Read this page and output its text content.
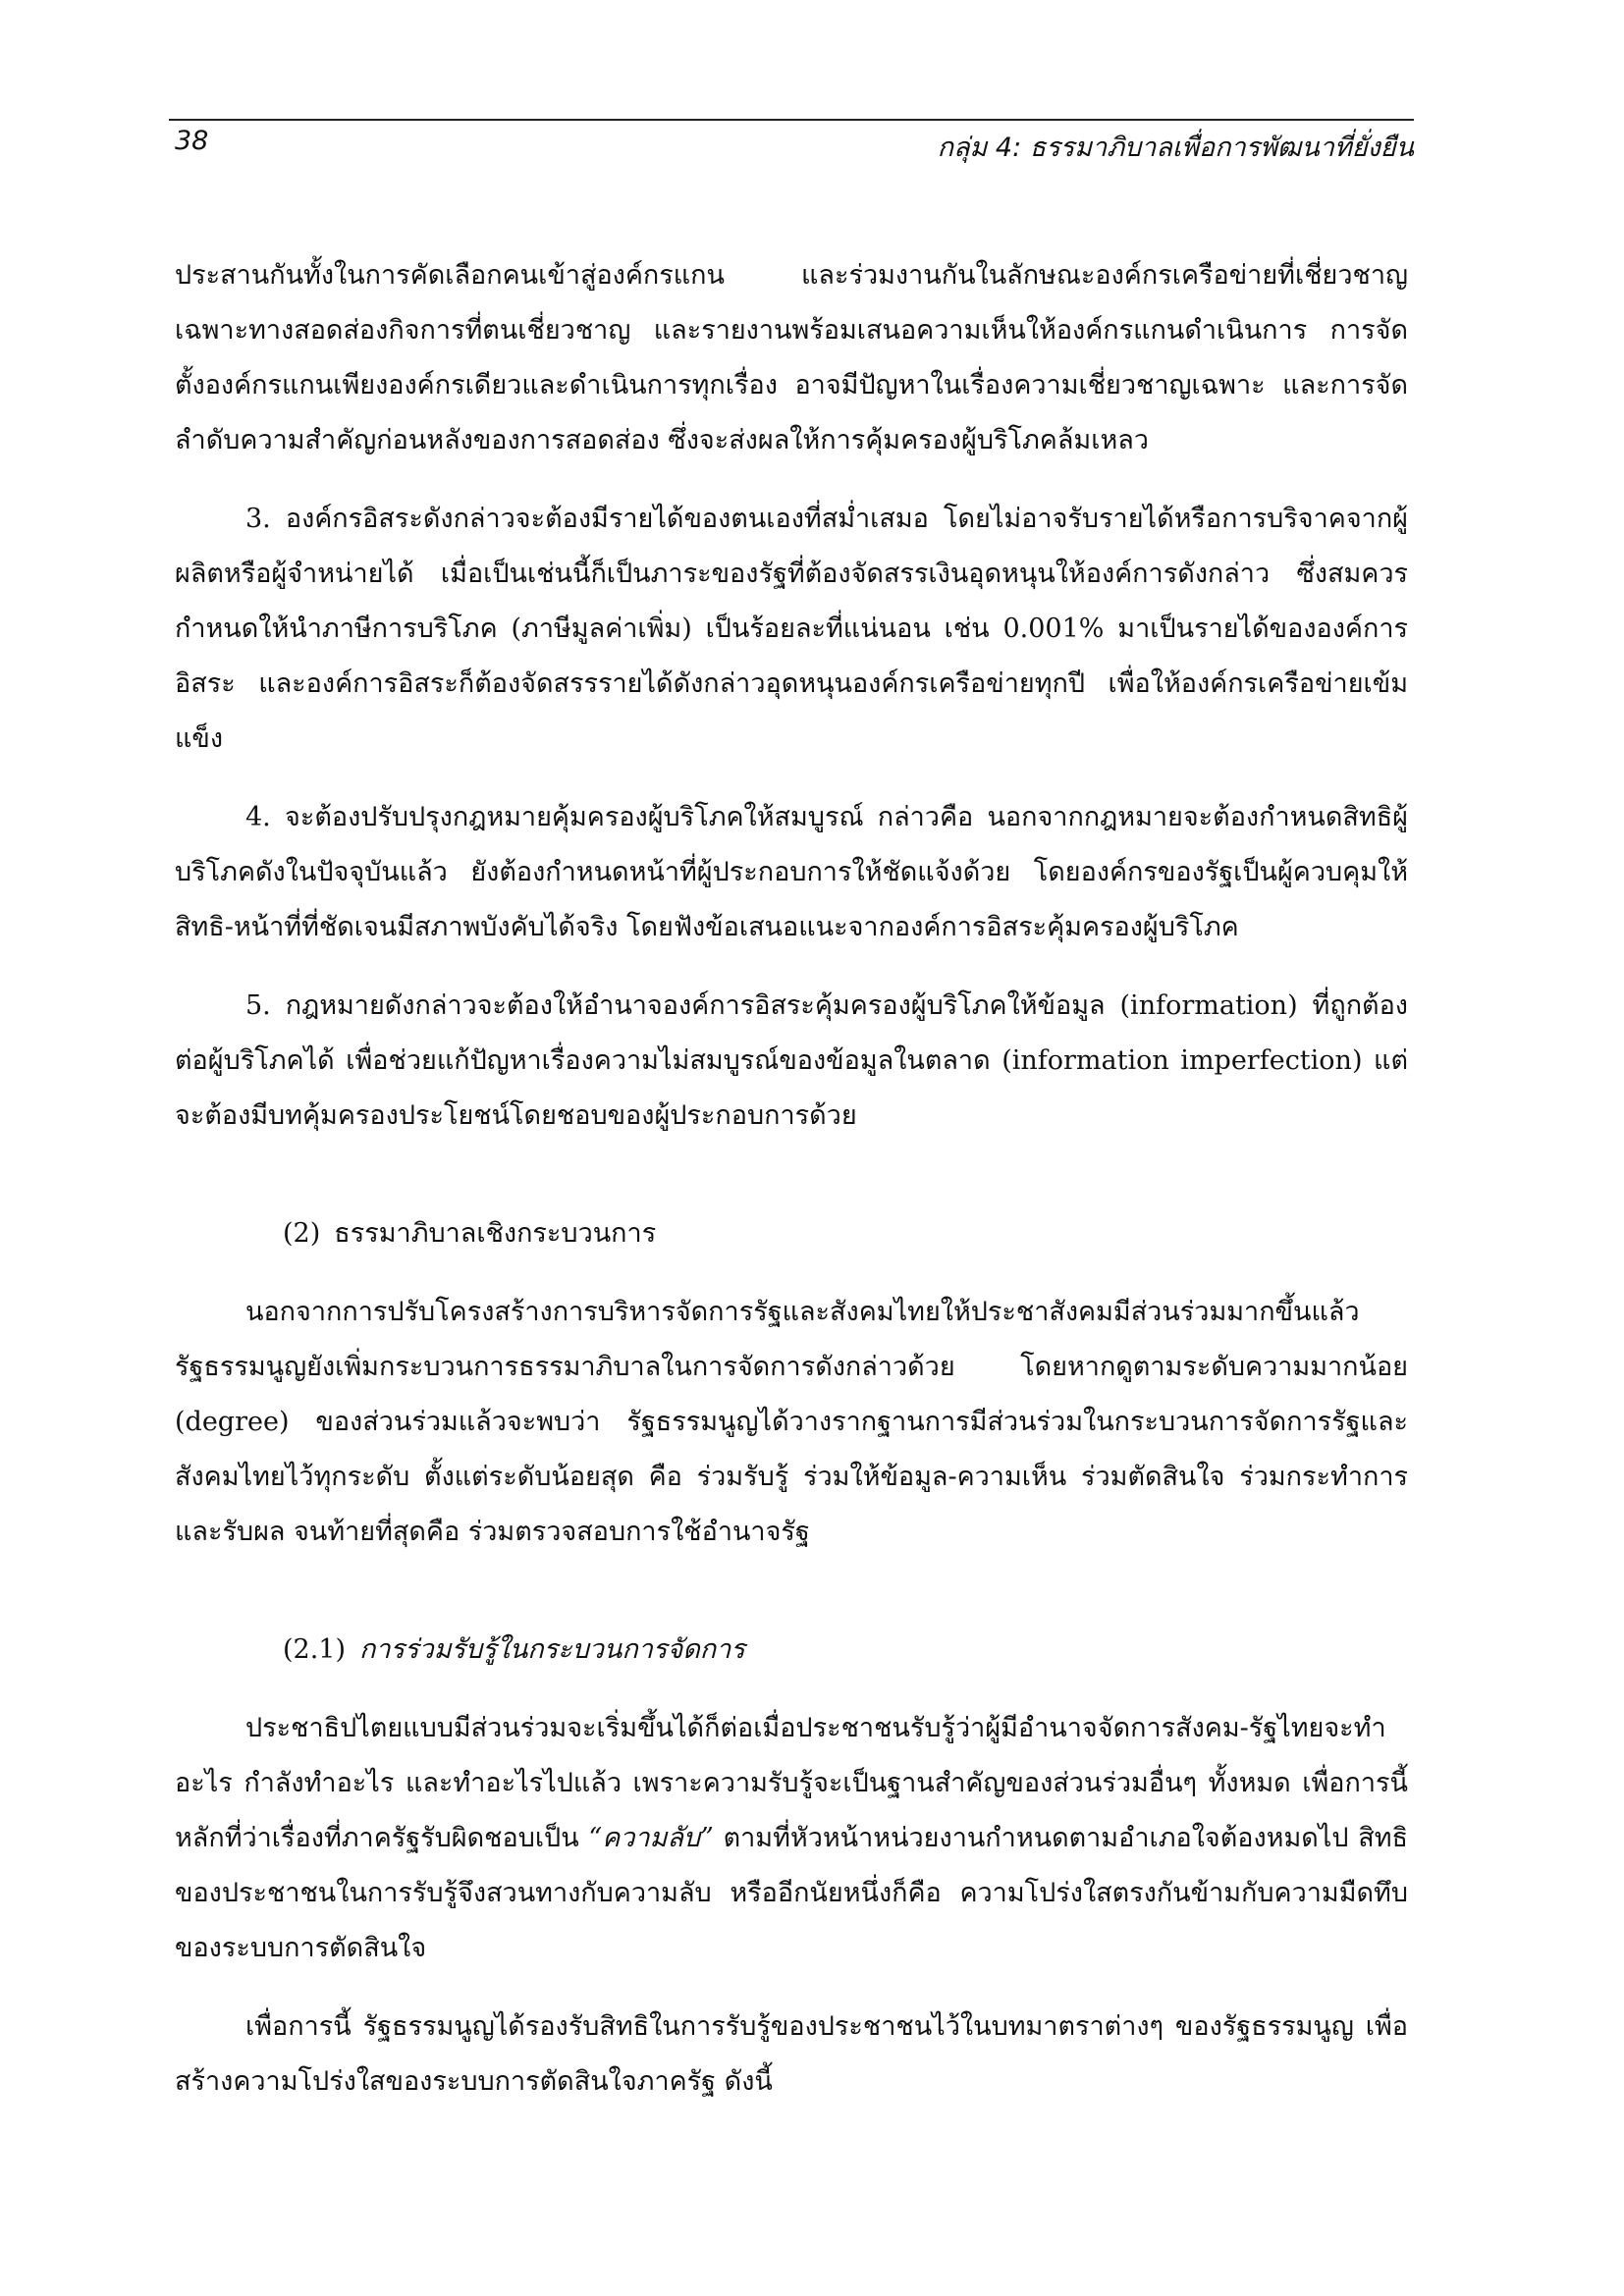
38	กลุ่ม 4: ธรรมาภิบาลเพื่อการพัฒนาที่ยั่งยืน

ประสานกันทั้งในการคัดเลือกคนเข้าสู่องค์กรแกน และร่วมงานกันในลักษณะองค์กรเครือข่ายที่เชี่ยวชาญเฉพาะทางสอดส่องกิจการที่ตนเชี่ยวชาญ และรายงานพร้อมเสนอความเห็นให้องค์กรแกนดำเนินการ การจัดตั้งองค์กรแกนเพียงองค์กรเดียวและดำเนินการทุกเรื่อง อาจมีปัญหาในเรื่องความเชี่ยวชาญเฉพาะ และการจัดลำดับความสำคัญก่อนหลังของการสอดส่อง ซึ่งจะส่งผลให้การคุ้มครองผู้บริโภคล้มเหลว

3. องค์กรอิสระดังกล่าวจะต้องมีรายได้ของตนเองที่สม่ำเสมอ โดยไม่อาจรับรายได้หรือการบริจาคจากผู้ผลิตหรือผู้จำหน่ายได้ เมื่อเป็นเช่นนี้ก็เป็นภาระของรัฐที่ต้องจัดสรรเงินอุดหนุนให้องค์การดังกล่าว ซึ่งสมควรกำหนดให้นำภาษีการบริโภค (ภาษีมูลค่าเพิ่ม) เป็นร้อยละที่แน่นอน เช่น 0.001% มาเป็นรายได้ขององค์การอิสระ และองค์การอิสระก็ต้องจัดสรรรายได้ดังกล่าวอุดหนุนองค์กรเครือข่ายทุกปี เพื่อให้องค์กรเครือข่ายเข้มแข็ง

4. จะต้องปรับปรุงกฎหมายคุ้มครองผู้บริโภคให้สมบูรณ์ กล่าวคือ นอกจากกฎหมายจะต้องกำหนดสิทธิผู้บริโภคดังในปัจจุบันแล้ว ยังต้องกำหนดหน้าที่ผู้ประกอบการให้ชัดแจ้งด้วย โดยองค์กรของรัฐเป็นผู้ควบคุมให้สิทธิ-หน้าที่ที่ชัดเจนมีสภาพบังคับได้จริง โดยฟังข้อเสนอแนะจากองค์การอิสระคุ้มครองผู้บริโภค

5. กฎหมายดังกล่าวจะต้องให้อำนาจองค์การอิสระคุ้มครองผู้บริโภคให้ข้อมูล (information) ที่ถูกต้องต่อผู้บริโภคได้ เพื่อช่วยแก้ปัญหาเรื่องความไม่สมบูรณ์ของข้อมูลในตลาด (information imperfection) แต่จะต้องมีบทคุ้มครองประโยชน์โดยชอบของผู้ประกอบการด้วย

(2) ธรรมาภิบาลเชิงกระบวนการ

นอกจากการปรับโครงสร้างการบริหารจัดการรัฐและสังคมไทยให้ประชาสังคมมีส่วนร่วมมากขึ้นแล้ว รัฐธรรมนูญยังเพิ่มกระบวนการธรรมาภิบาลในการจัดการดังกล่าวด้วย โดยหากดูตามระดับความมากน้อย (degree) ของส่วนร่วมแล้วจะพบว่า รัฐธรรมนูญได้วางรากฐานการมีส่วนร่วมในกระบวนการจัดการรัฐและสังคมไทยไว้ทุกระดับ ตั้งแต่ระดับน้อยสุด คือ ร่วมรับรู้ ร่วมให้ข้อมูล-ความเห็น ร่วมตัดสินใจ ร่วมกระทำการและรับผล จนท้ายที่สุดคือ ร่วมตรวจสอบการใช้อำนาจรัฐ

(2.1) การร่วมรับรู้ในกระบวนการจัดการ

ประชาธิปไตยแบบมีส่วนร่วมจะเริ่มขึ้นได้ก็ต่อเมื่อประชาชนรับรู้ว่าผู้มีอำนาจจัดการสังคม-รัฐไทยจะทำอะไร กำลังทำอะไร และทำอะไรไปแล้ว เพราะความรับรู้จะเป็นฐานสำคัญของส่วนร่วมอื่นๆ ทั้งหมด เพื่อการนี้ หลักที่ว่าเรื่องที่ภาครัฐรับผิดชอบเป็น “ความลับ” ตามที่หัวหน้าหน่วยงานกำหนดตามอำเภอใจต้องหมดไป สิทธิของประชาชนในการรับรู้จึงสวนทางกับความลับ หรืออีกนัยหนึ่งก็คือ ความโปร่งใสตรงกันข้ามกับความมืดทึบของระบบการตัดสินใจ

เพื่อการนี้ รัฐธรรมนูญได้รองรับสิทธิในการรับรู้ของประชาชนไว้ในบทมาตราต่างๆ ของรัฐธรรมนูญ เพื่อสร้างความโปร่งใสของระบบการตัดสินใจภาครัฐ ดังนี้
